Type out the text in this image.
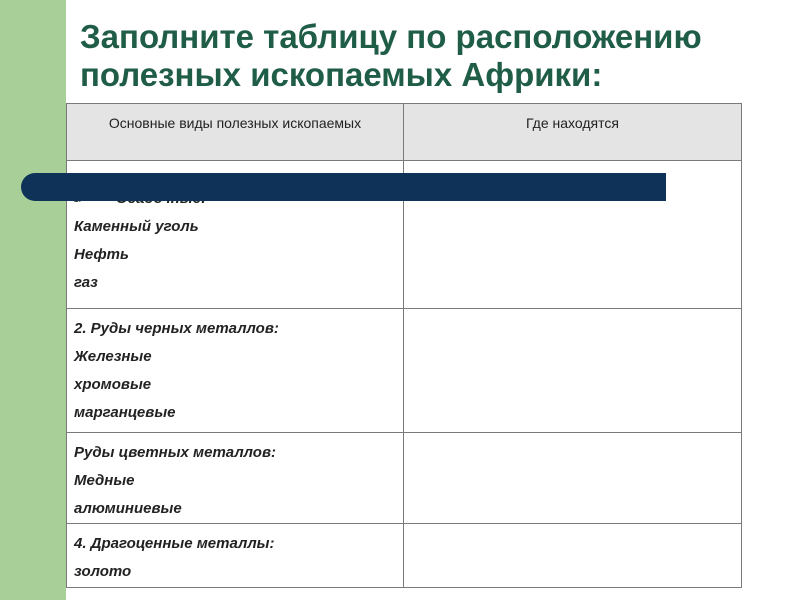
Заполните таблицу по расположению
полезных ископаемых Африки:
Основные виды полезных ископаемых	Где находятся

Каменный уголь
Нефть
газ	

2. Руды черных металлов:
Железные
хромовые
марганцевые	

Руды цветных металлов:
Медные
алюминиевые	

4. Драгоценные металлы:
золото	
